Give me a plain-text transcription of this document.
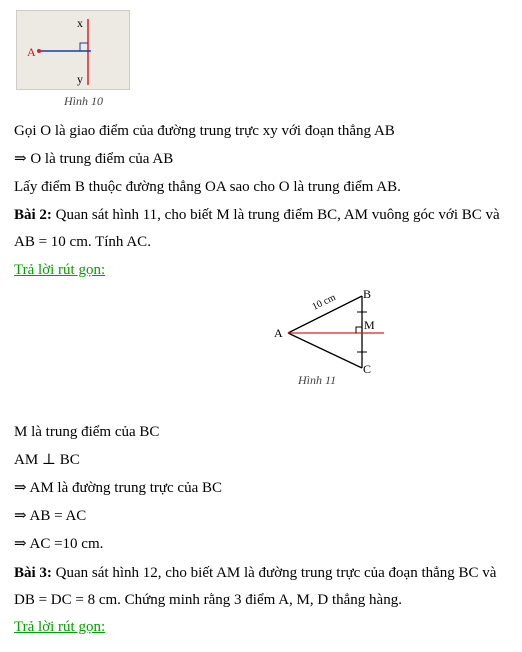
x
y
A
Hình 10
Gọi O là giao điểm của đường trung trực xy với đoạn thẳng AB
⇒ O là trung điểm của AB
Lấy điểm B thuộc đường thẳng OA sao cho O là trung điểm AB.
Bài 2: Quan sát hình 11, cho biết M là trung điểm BC, AM vuông góc với BC và
AB = 10 cm. Tính AC.
Trả lời rút gọn:
A
B
C
M
10 cm
Hình 11
M là trung điểm của BC
AM ⊥ BC
⇒ AM là đường trung trực của BC
⇒ AB = AC
⇒ AC =10 cm.
Bài 3: Quan sát hình 12, cho biết AM là đường trung trực của đoạn thẳng BC và
DB = DC = 8 cm. Chứng minh rằng 3 điểm A, M, D thẳng hàng.
Trả lời rút gọn:
